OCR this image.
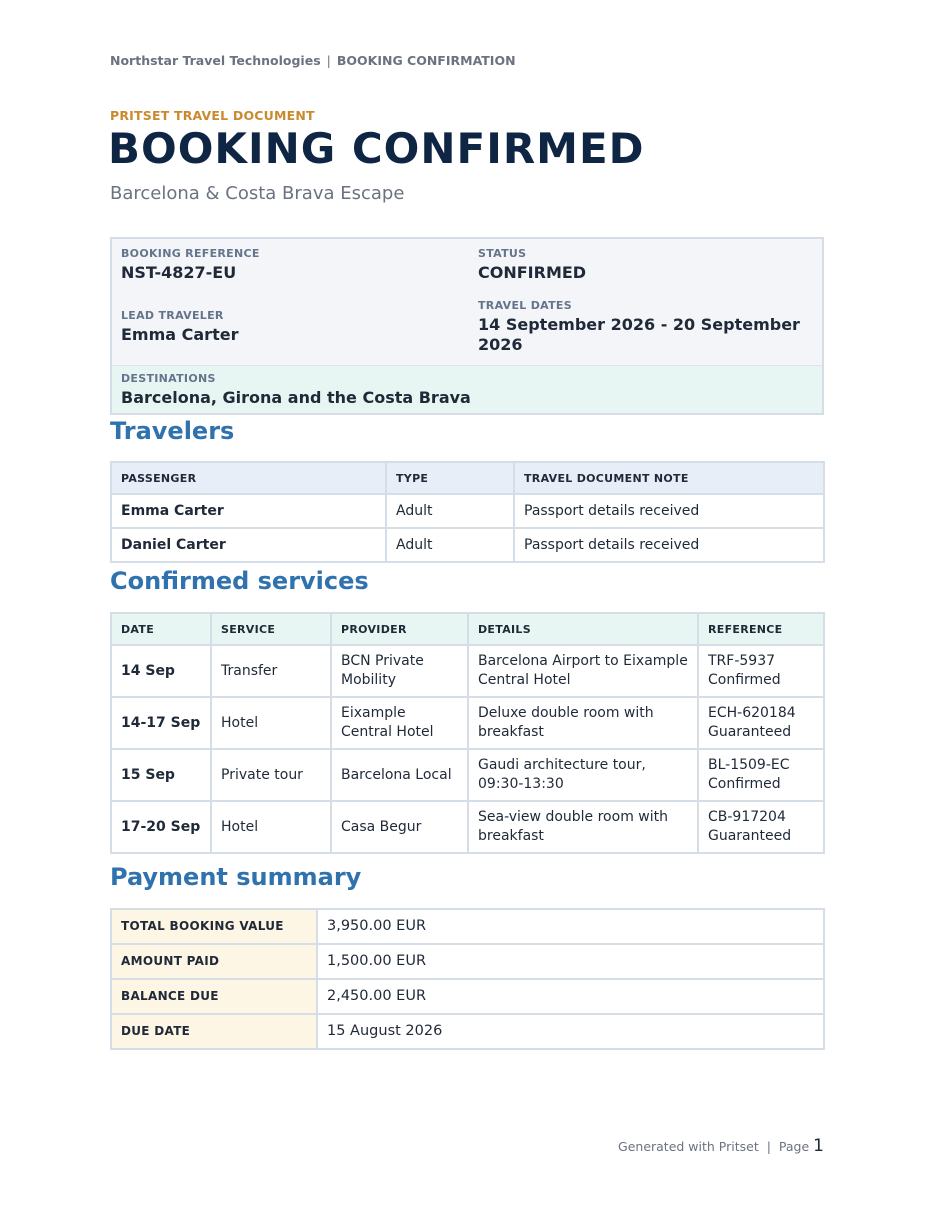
Northstar Travel Technologies | BOOKING CONFIRMATION
PRITSET TRAVEL DOCUMENT
BOOKING CONFIRMED
Barcelona & Costa Brava Escape
BOOKING REFERENCE
NST-4827-EU
STATUS
CONFIRMED
LEAD TRAVELER
Emma Carter
TRAVEL DATES
14 September 2026 - 20 September 2026
DESTINATIONS
Barcelona, Girona and the Costa Brava
Travelers
PASSENGER	TYPE	TRAVEL DOCUMENT NOTE
Emma Carter	Adult	Passport details received
Daniel Carter	Adult	Passport details received
Confirmed services
DATE	SERVICE	PROVIDER	DETAILS	REFERENCE
14 Sep	Transfer	BCN Private Mobility	Barcelona Airport to Eixample Central Hotel	TRF-5937 Confirmed
14-17 Sep	Hotel	Eixample Central Hotel	Deluxe double room with breakfast	ECH-620184 Guaranteed
15 Sep	Private tour	Barcelona Local	Gaudi architecture tour, 09:30-13:30	BL-1509-EC Confirmed
17-20 Sep	Hotel	Casa Begur	Sea-view double room with breakfast	CB-917204 Guaranteed
Payment summary
TOTAL BOOKING VALUE	3,950.00 EUR
AMOUNT PAID	1,500.00 EUR
BALANCE DUE	2,450.00 EUR
DUE DATE	15 August 2026
Generated with Pritset | Page 1
